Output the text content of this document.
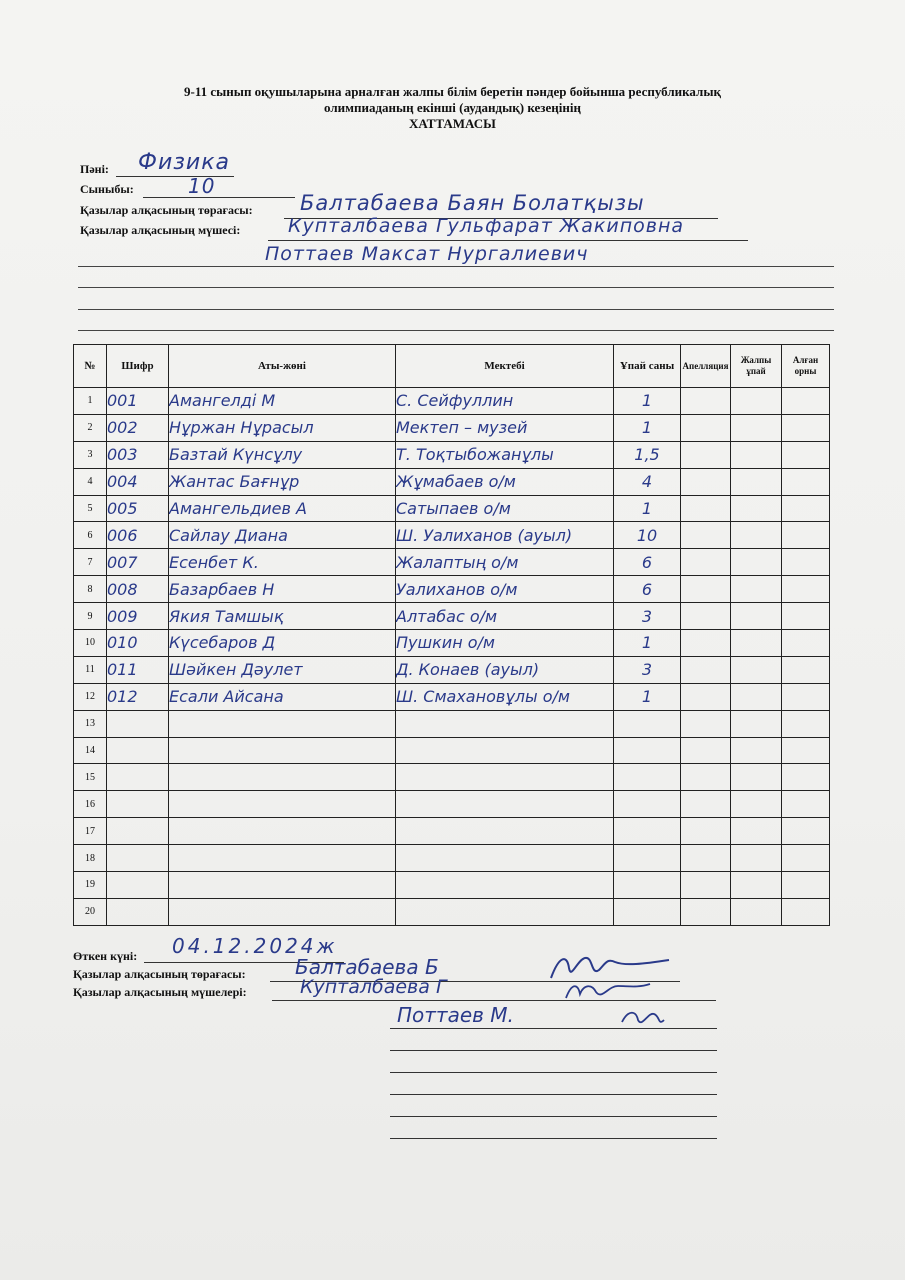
9-11 сынып оқушыларына арналған жалпы білім беретін пәндер бойынша республикалық
олимпиаданың екінші (аудандық) кезеңінің
ХАТТАМАСЫ
Пәні: Физика
Сыныбы:	10
Қазылар алқасының төрағасы: Балтабаева Баян Болатқызы
Қазылар алқасының мүшесі:	Купталбаева Гульфарат Жакиповна
Поттаев Максат Нургалиевич
№	Шифр	Аты-жөні	Мектебі	Ұпай саны	Апелляция	Жалпы ұпай	Алған орны
1	001	Амангелді М	С. Сейфуллин	1			
2	002	Нұржан Нұрасыл	Мектеп – музей	1			
3	003	Базтай Күнсұлу	Т. Тоқтыбожанұлы	1,5			
4	004	Жантас Бағнұр	Жұмабаев о/м	4			
5	005	Амангельдиев А	Сатыпаев о/м	1			
6	006	Сайлау Диана	Ш. Уалиханов (ауыл)	10			
7	007	Есенбет К.	Жалаптың о/м	6			
8	008	Базарбаев Н	Уалиханов о/м	6			
9	009	Якия Тамшық	Алтабас о/м	3			
10	010	Күсебаров Д	Пушкин о/м	1			
11	011	Шәйкен Дәулет	Д. Конаев (ауыл)	3			
12	012	Есали Айсана	Ш. Смахановұлы о/м	1			
13							
14							
15							
16							
17							
18							
19							
20							
Өткен күні: 04.12.2024ж
Қазылар алқасының төрағасы: Балтабаева Б
Қазылар алқасының мүшелері:	Купталбаева Г
Поттаев М.
